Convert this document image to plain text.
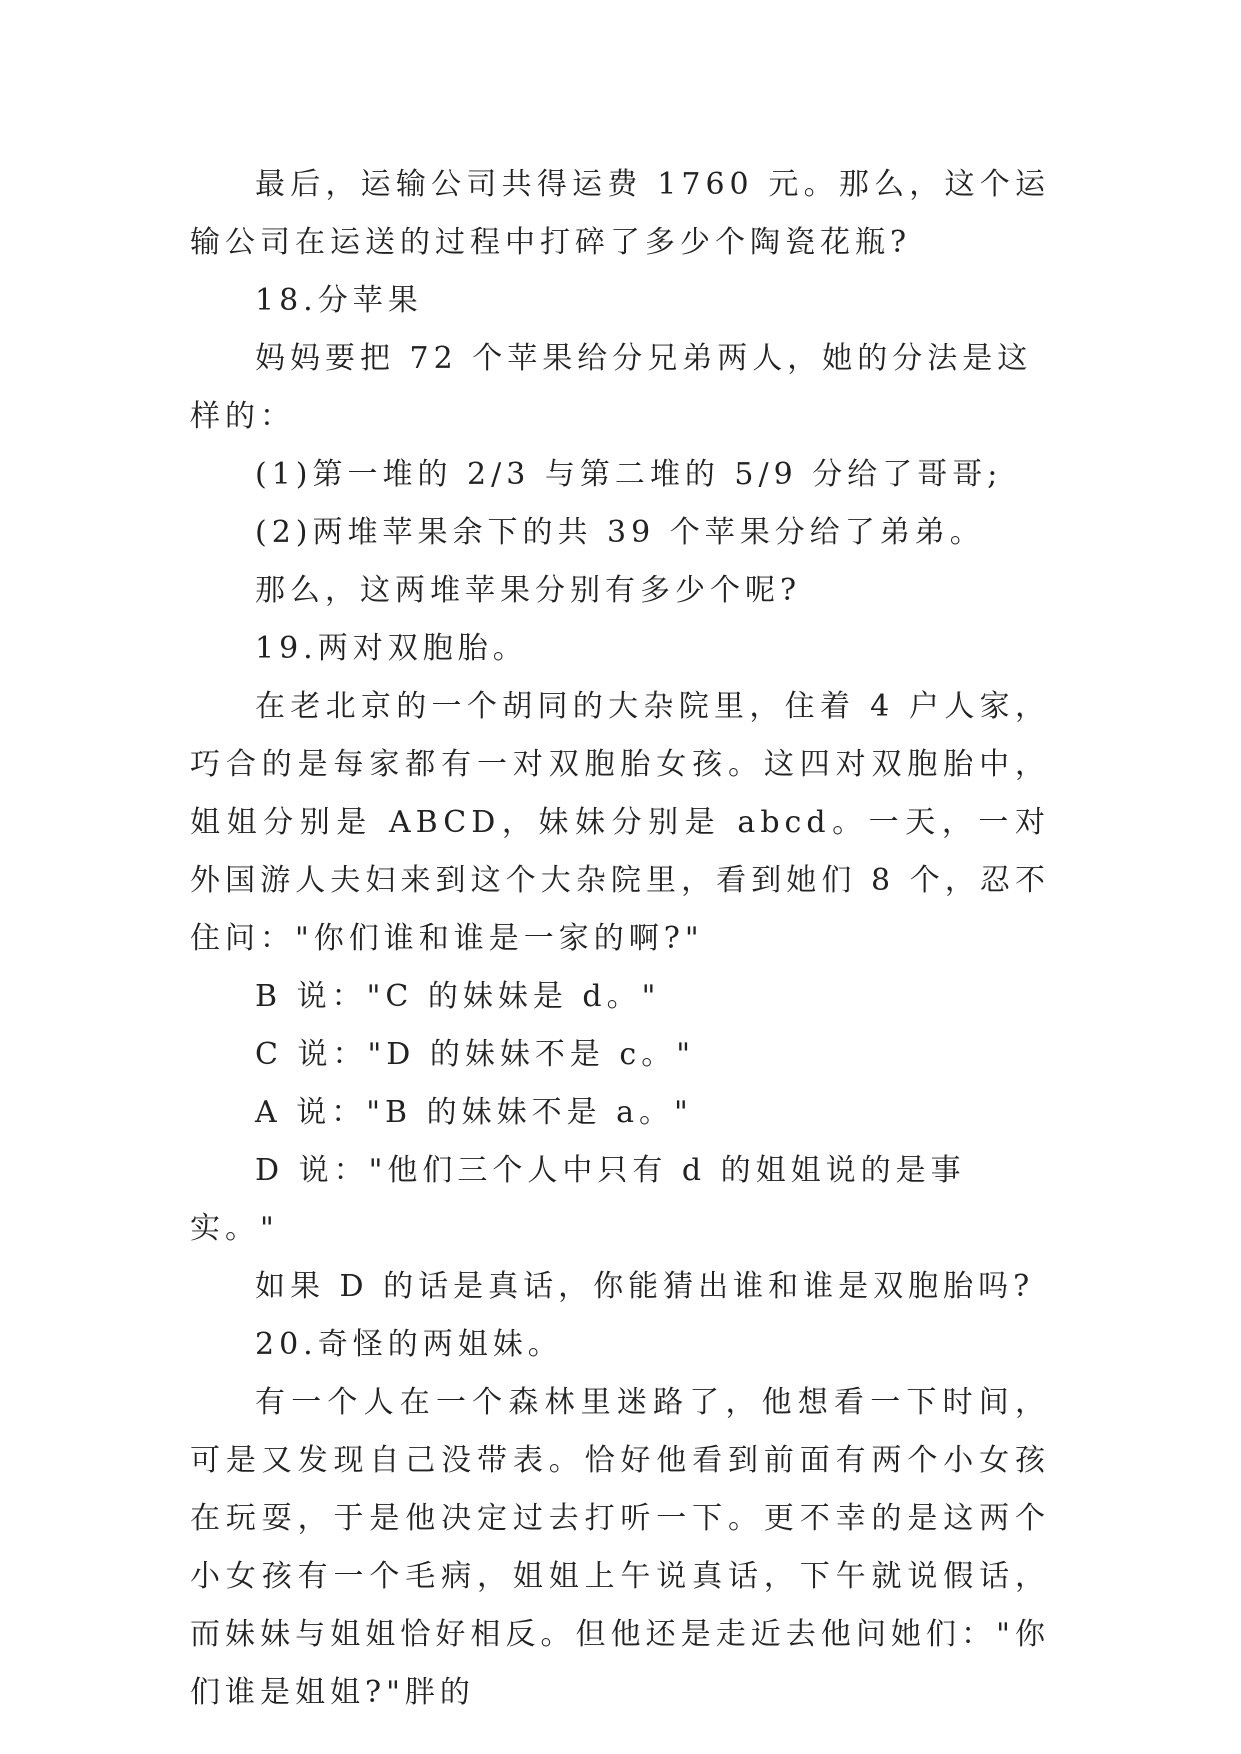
最后，运输公司共得运费 1760 元。那么，这个运输公司在运送的过程中打碎了多少个陶瓷花瓶?

18.分苹果

妈妈要把 72 个苹果给分兄弟两人，她的分法是这样的：

(1)第一堆的 2/3 与第二堆的 5/9 分给了哥哥;

(2)两堆苹果余下的共 39 个苹果分给了弟弟。

那么，这两堆苹果分别有多少个呢?

19.两对双胞胎。

在老北京的一个胡同的大杂院里，住着 4 户人家，巧合的是每家都有一对双胞胎女孩。这四对双胞胎中，姐姐分别是 ABCD，妹妹分别是 abcd。一天，一对外国游人夫妇来到这个大杂院里，看到她们 8 个，忍不住问："你们谁和谁是一家的啊?"

B 说："C 的妹妹是 d。"

C 说："D 的妹妹不是 c。"

A 说："B 的妹妹不是 a。"

D 说："他们三个人中只有 d 的姐姐说的是事实。"

如果 D 的话是真话，你能猜出谁和谁是双胞胎吗?

20.奇怪的两姐妹。

有一个人在一个森林里迷路了，他想看一下时间，可是又发现自己没带表。恰好他看到前面有两个小女孩在玩耍，于是他决定过去打听一下。更不幸的是这两个 小女孩有一个毛病，姐姐上午说真话，下午就说假话，而妹妹与姐姐恰好相反。但他还是走近去他问她们："你们谁是姐姐?"胖的
